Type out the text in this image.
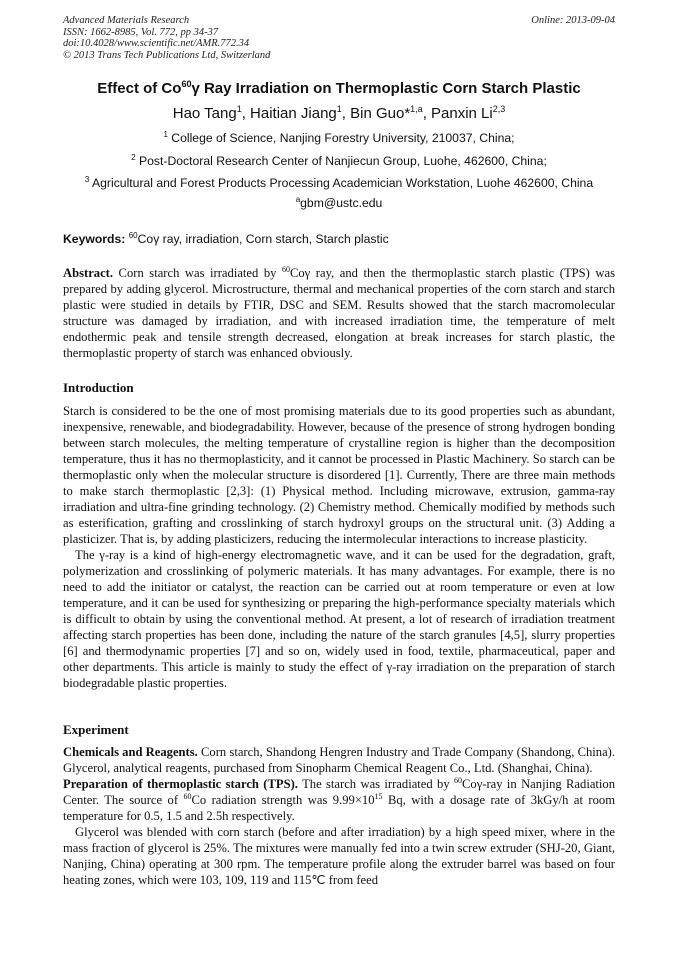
Advanced Materials Research
ISSN: 1662-8985, Vol. 772, pp 34-37
doi:10.4028/www.scientific.net/AMR.772.34
© 2013 Trans Tech Publications Ltd, Switzerland
Online: 2013-09-04
Effect of Co$^{60}$γ Ray Irradiation on Thermoplastic Corn Starch Plastic
Hao Tang$^1$, Haitian Jiang$^1$, Bin Guo*$^{1,a}$, Panxin Li$^{2,3}$
$^1$ College of Science, Nanjing Forestry University, 210037, China;
$^2$ Post-Doctoral Research Center of Nanjiecun Group, Luohe, 462600, China;
$^3$ Agricultural and Forest Products Processing Academician Workstation, Luohe 462600, China
$^a$gbm@ustc.edu
Keywords: $^{60}$Coγ ray, irradiation, Corn starch, Starch plastic

Abstract. Corn starch was irradiated by $^{60}$Coγ ray, and then the thermoplastic starch plastic (TPS) was prepared by adding glycerol. Microstructure, thermal and mechanical properties of the corn starch and starch plastic were studied in details by FTIR, DSC and SEM. Results showed that the starch macromolecular structure was damaged by irradiation, and with increased irradiation time, the temperature of melt endothermic peak and tensile strength decreased, elongation at break increases for starch plastic, the thermoplastic property of starch was enhanced obviously.

Introduction

Starch is considered to be the one of most promising materials due to its good properties such as abundant, inexpensive, renewable, and biodegradability. However, because of the presence of strong hydrogen bonding between starch molecules, the melting temperature of crystalline region is higher than the decomposition temperature, thus it has no thermoplasticity, and it cannot be processed in Plastic Machinery. So starch can be thermoplastic only when the molecular structure is disordered [1]. Currently, There are three main methods to make starch thermoplastic [2,3]: (1) Physical method. Including microwave, extrusion, gamma-ray irradiation and ultra-fine grinding technology. (2) Chemistry method. Chemically modified by methods such as esterification, grafting and crosslinking of starch hydroxyl groups on the structural unit. (3) Adding a plasticizer. That is, by adding plasticizers, reducing the intermolecular interactions to increase plasticity.

The γ-ray is a kind of high-energy electromagnetic wave, and it can be used for the degradation, graft, polymerization and crosslinking of polymeric materials. It has many advantages. For example, there is no need to add the initiator or catalyst, the reaction can be carried out at room temperature or even at low temperature, and it can be used for synthesizing or preparing the high-performance specialty materials which is difficult to obtain by using the conventional method. At present, a lot of research of irradiation treatment affecting starch properties has been done, including the nature of the starch granules [4,5], slurry properties [6] and thermodynamic properties [7] and so on, widely used in food, textile, pharmaceutical, paper and other departments. This article is mainly to study the effect of γ-ray irradiation on the preparation of starch biodegradable plastic properties.

Experiment

Chemicals and Reagents. Corn starch, Shandong Hengren Industry and Trade Company (Shandong, China). Glycerol, analytical reagents, purchased from Sinopharm Chemical Reagent Co., Ltd. (Shanghai, China).

Preparation of thermoplastic starch (TPS). The starch was irradiated by $^{60}$Coγ-ray in Nanjing Radiation Center. The source of $^{60}$Co radiation strength was $9.99\times 10^{15}$ Bq, with a dosage rate of 3kGy/h at room temperature for 0.5, 1.5 and 2.5h respectively.

Glycerol was blended with corn starch (before and after irradiation) by a high speed mixer, where in the mass fraction of glycerol is 25%. The mixtures were manually fed into a twin screw extruder (SHJ-20, Giant, Nanjing, China) operating at 300 rpm. The temperature profile along the extruder barrel was based on four heating zones, which were 103, 109, 119 and 115℃ from feed
